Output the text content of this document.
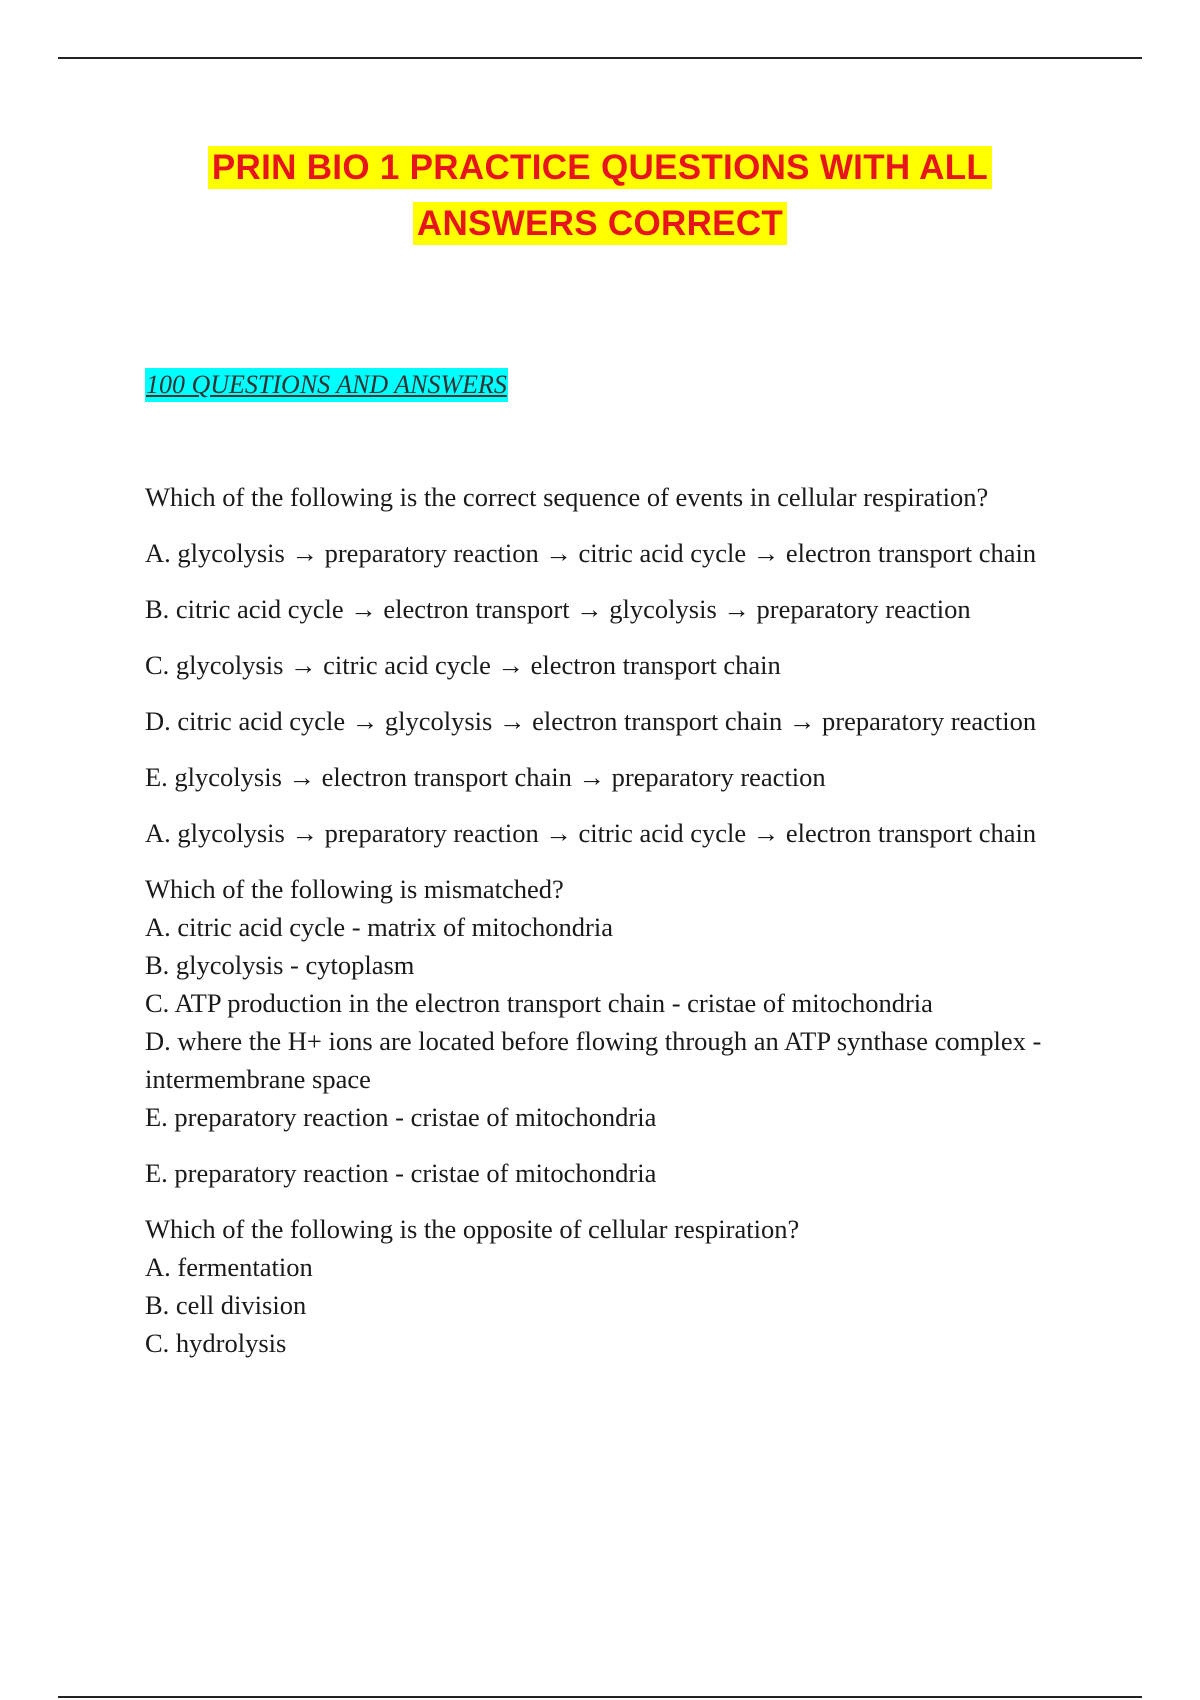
PRIN BIO 1 PRACTICE QUESTIONS WITH ALL
ANSWERS CORRECT
100 QUESTIONS AND ANSWERS

Which of the following is the correct sequence of events in cellular respiration?

A. glycolysis → preparatory reaction → citric acid cycle → electron transport chain

B. citric acid cycle → electron transport → glycolysis → preparatory reaction

C. glycolysis → citric acid cycle → electron transport chain

D. citric acid cycle → glycolysis → electron transport chain → preparatory reaction

E. glycolysis → electron transport chain → preparatory reaction

A. glycolysis → preparatory reaction → citric acid cycle → electron transport chain

Which of the following is mismatched?

A. citric acid cycle - matrix of mitochondria

B. glycolysis - cytoplasm

C. ATP production in the electron transport chain - cristae of mitochondria

D. where the H+ ions are located before flowing through an ATP synthase complex - intermembrane space

E. preparatory reaction - cristae of mitochondria

E. preparatory reaction - cristae of mitochondria

Which of the following is the opposite of cellular respiration?

A. fermentation

B. cell division

C. hydrolysis
